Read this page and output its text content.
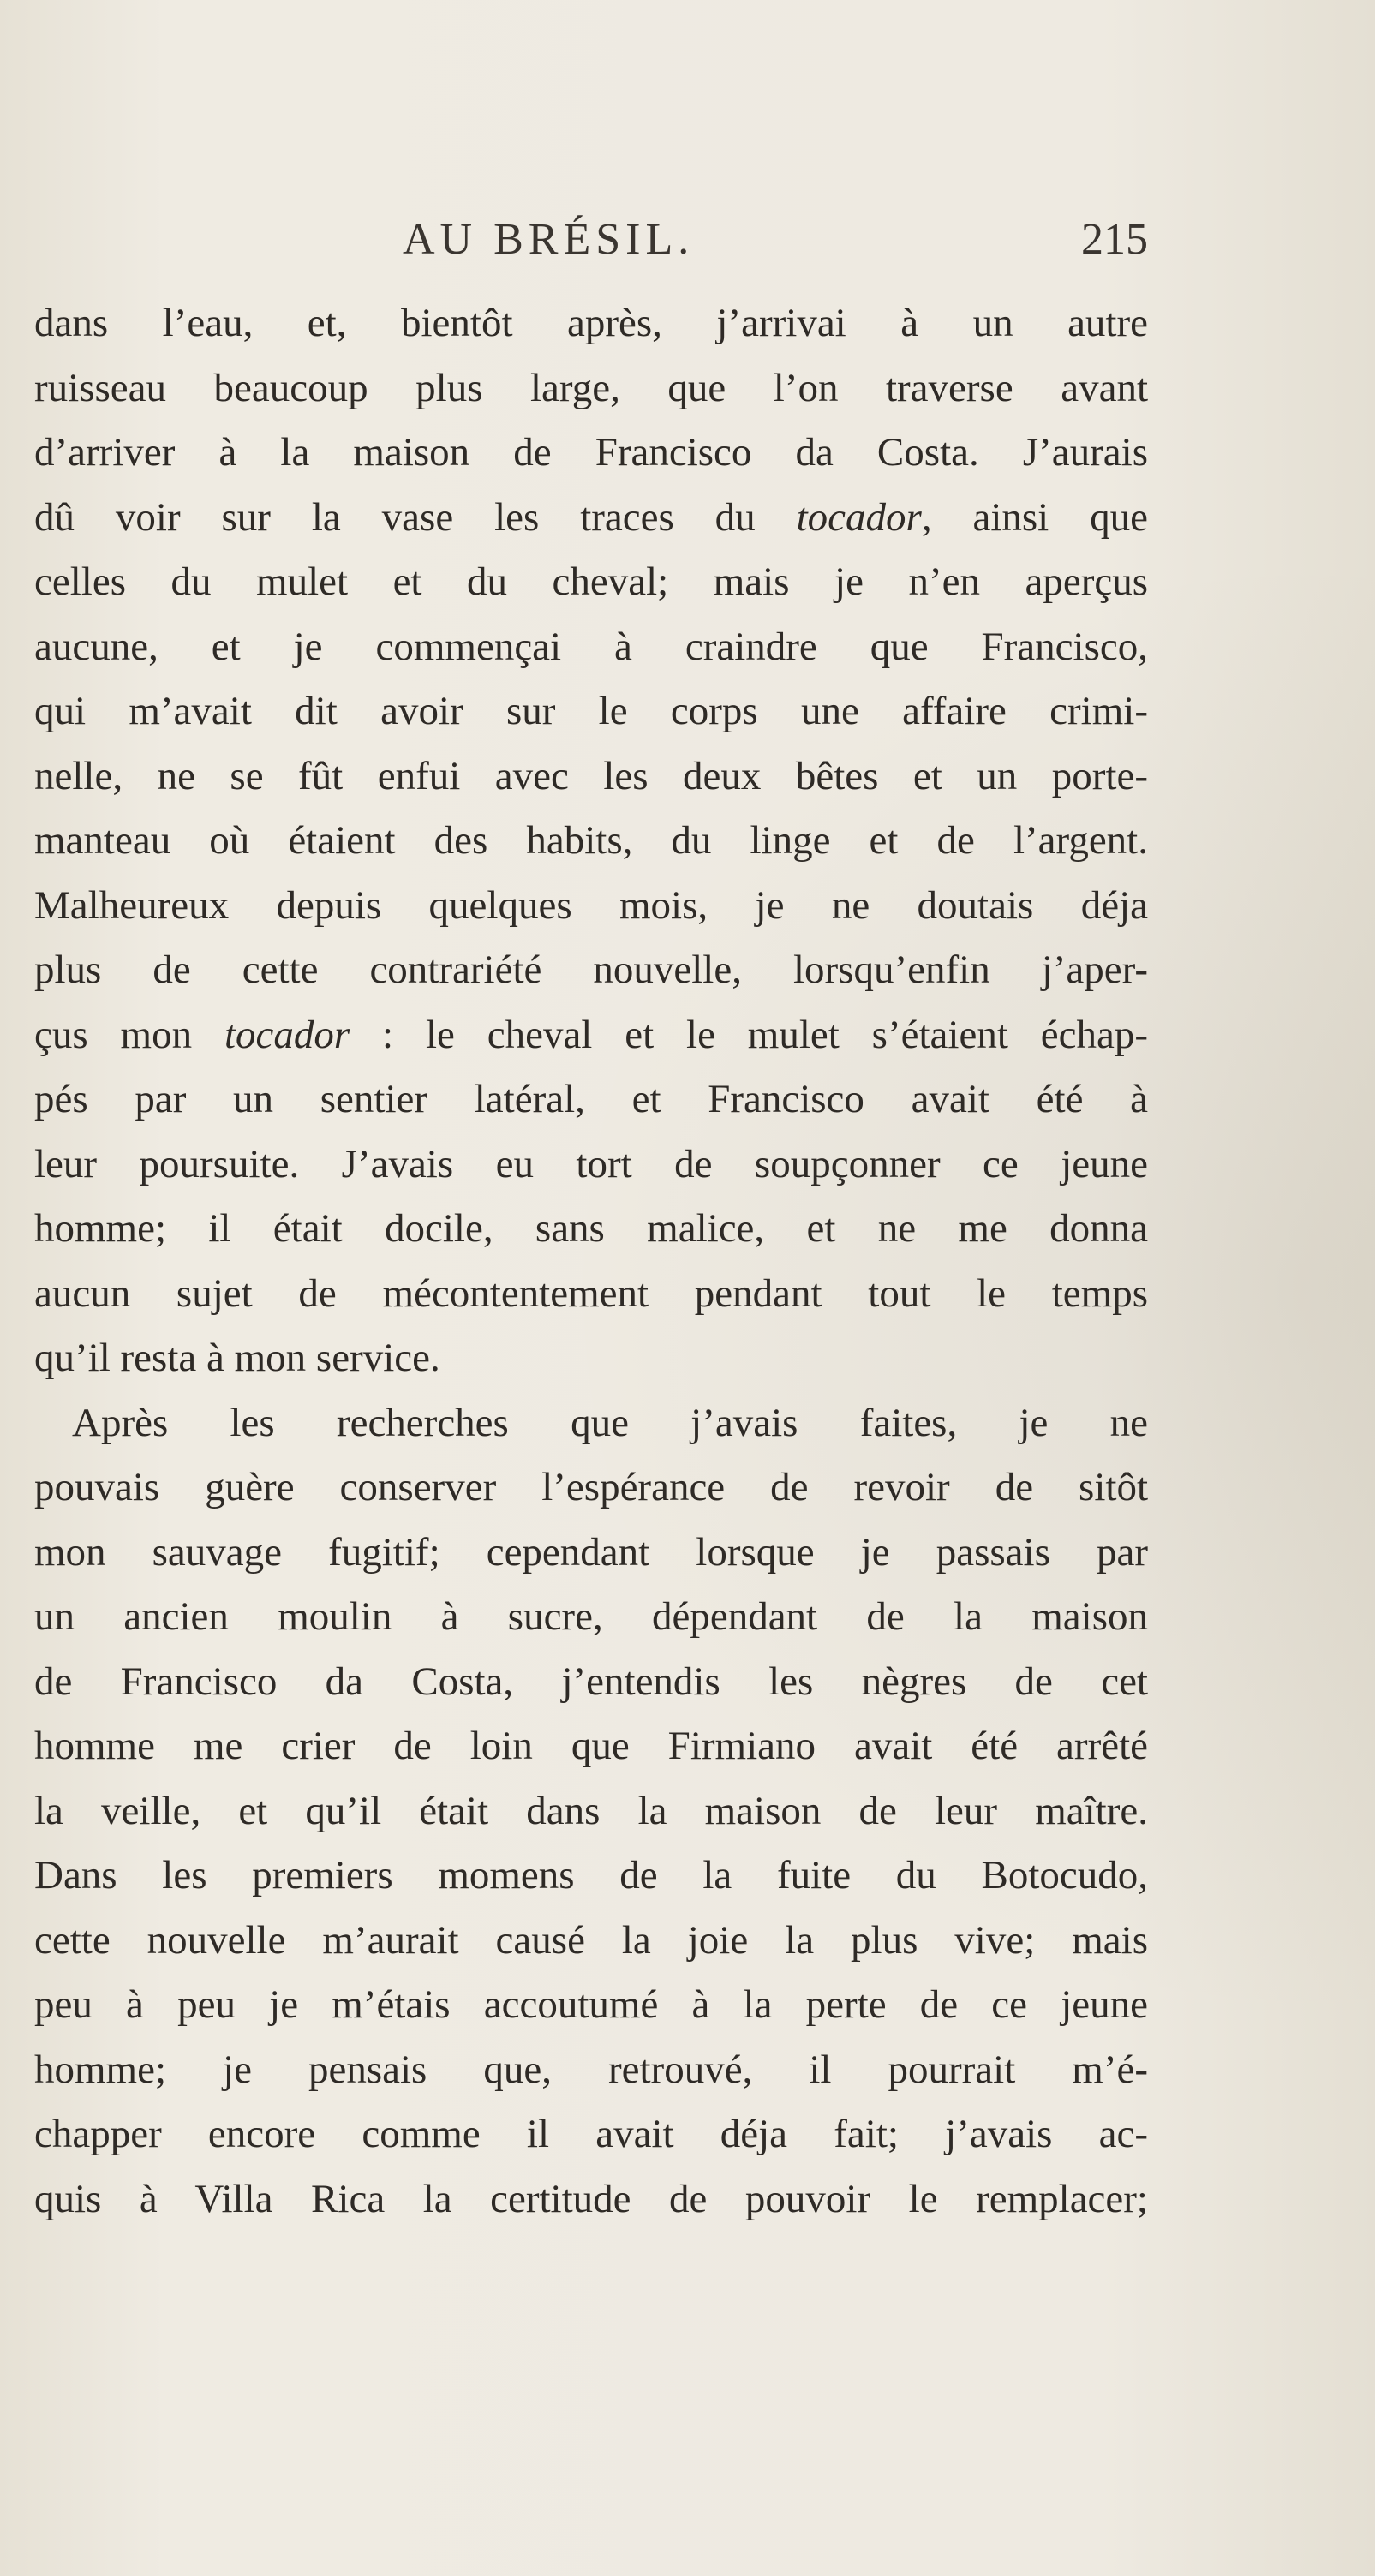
AU BRÉSIL.	215
dans l’eau, et, bientôt après, j’arrivai à un autre
ruisseau beaucoup plus large, que l’on traverse avant
d’arriver à la maison de Francisco da Costa. J’aurais
dû voir sur la vase les traces du tocador, ainsi que
celles du mulet et du cheval; mais je n’en aperçus
aucune, et je commençai à craindre que Francisco,
qui m’avait dit avoir sur le corps une affaire crimi-
nelle, ne se fût enfui avec les deux bêtes et un porte-
manteau où étaient des habits, du linge et de l’argent.
Malheureux depuis quelques mois, je ne doutais déja
plus de cette contrariété nouvelle, lorsqu’enfin j’aper-
çus mon tocador : le cheval et le mulet s’étaient échap-
pés par un sentier latéral, et Francisco avait été à
leur poursuite. J’avais eu tort de soupçonner ce jeune
homme; il était docile, sans malice, et ne me donna
aucun sujet de mécontentement pendant tout le temps
qu’il resta à mon service.
Après les recherches que j’avais faites, je ne
pouvais guère conserver l’espérance de revoir de sitôt
mon sauvage fugitif; cependant lorsque je passais par
un ancien moulin à sucre, dépendant de la maison
de Francisco da Costa, j’entendis les nègres de cet
homme me crier de loin que Firmiano avait été arrêté
la veille, et qu’il était dans la maison de leur maître.
Dans les premiers momens de la fuite du Botocudo,
cette nouvelle m’aurait causé la joie la plus vive; mais
peu à peu je m’étais accoutumé à la perte de ce jeune
homme; je pensais que, retrouvé, il pourrait m’é-
chapper encore comme il avait déja fait; j’avais ac-
quis à Villa Rica la certitude de pouvoir le remplacer;
